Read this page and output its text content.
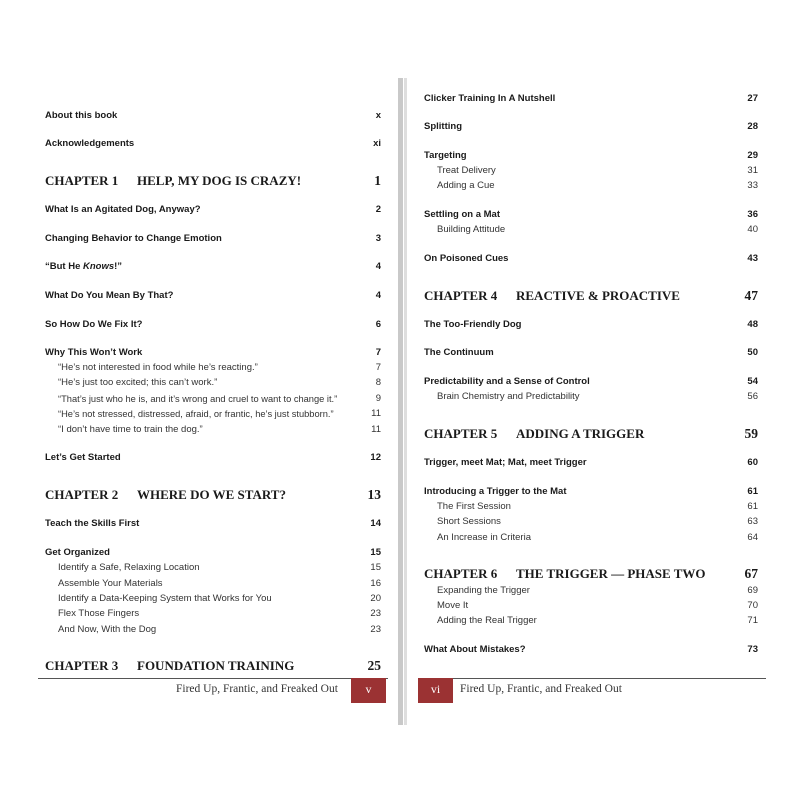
About this book	x
Acknowledgements	xi
CHAPTER 1 HELP, MY DOG IS CRAZY!	1
What Is an Agitated Dog, Anyway?	2
Changing Behavior to Change Emotion	3
“But He Knows!”	4
What Do You Mean By That?	4
So How Do We Fix It?	6
Why This Won’t Work	7
“He’s not interested in food while he’s reacting.”	7
“He’s just too excited; this can’t work.”	8
“That’s just who he is, and it’s wrong and cruel to want to change it.”	9
“He’s not stressed, distressed, afraid, or frantic, he’s just stubborn.”	11
“I don’t have time to train the dog.”	11
Let’s Get Started	12
CHAPTER 2 WHERE DO WE START?	13
Teach the Skills First	14
Get Organized	15
Identify a Safe, Relaxing Location	15
Assemble Your Materials	16
Identify a Data-Keeping System that Works for You	20
Flex Those Fingers	23
And Now, With the Dog	23
CHAPTER 3 FOUNDATION TRAINING	25
Fired Up, Frantic, and Freaked Out	v
Clicker Training In A Nutshell	27
Splitting	28
Targeting	29
Treat Delivery	31
Adding a Cue	33
Settling on a Mat	36
Building Attitude	40
On Poisoned Cues	43
CHAPTER 4 REACTIVE & PROACTIVE	47
The Too-Friendly Dog	48
The Continuum	50
Predictability and a Sense of Control	54
Brain Chemistry and Predictability	56
CHAPTER 5 ADDING A TRIGGER	59
Trigger, meet Mat; Mat, meet Trigger	60
Introducing a Trigger to the Mat	61
The First Session	61
Short Sessions	63
An Increase in Criteria	64
CHAPTER 6 THE TRIGGER — PHASE TWO	67
Expanding the Trigger	69
Move It	70
Adding the Real Trigger	71
What About Mistakes?	73
vi	Fired Up, Frantic, and Freaked Out
